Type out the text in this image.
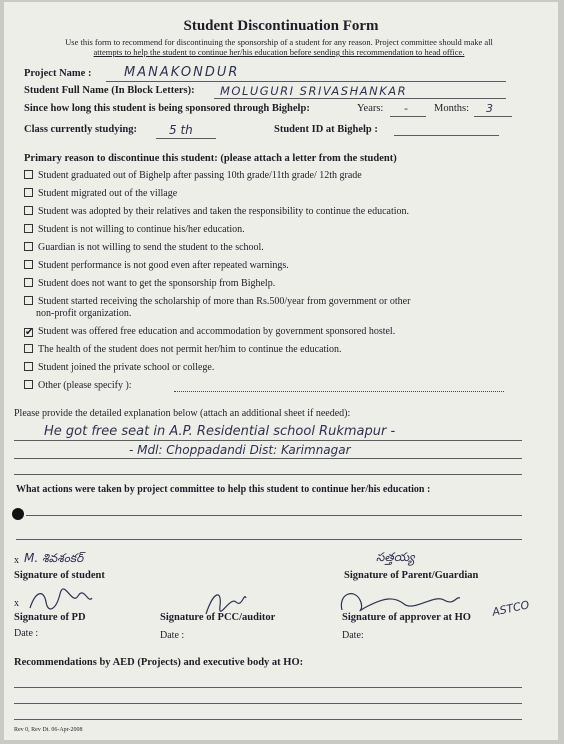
Student Discontinuation Form
Use this form to recommend for discontinuing the sponsorship of a student for any reason. Project committee should make all
attempts to help the student to continue her/his education before sending this recommendation to head office.
Project Name :	MANAKONDUR
Student Full Name (In Block Letters): MOLUGURI SRIVASHANKAR
Since how long this student is being sponsored through Bighelp:	Years: - Months: 3
Class currently studying:	5 th	Student ID at Bighelp :
Primary reason to discontinue this student: (please attach a letter from the student)
Student graduated out of Bighelp after passing 10th grade/11th grade/ 12th grade
Student migrated out of the village
Student was adopted by their relatives and taken the responsibility to continue the education.
Student is not willing to continue his/her education.
Guardian is not willing to send the student to the school.
Student performance is not good even after repeated warnings.
Student does not want to get the sponsorship from Bighelp.
Student started receiving the scholarship of more than Rs.500/year from government or other
non-profit organization.
✔ Student was offered free education and accommodation by government sponsored hostel.
The health of the student does not permit her/him to continue the education.
Student joined the private school or college.
Other (please specify ):
Please provide the detailed explanation below (attach an additional sheet if needed):
He got free seat in A.P. Residential school Rukmapur -
- Mdl: Choppadandi Dist: Karimnagar
What actions were taken by project committee to help this student to continue her/his education :
x M. శివశంకర్
Signature of student
సత్తయ్య
Signature of Parent/Guardian
x
Signature of PD
Date :
Signature of PCC/auditor
Date :
Signature of approver at HO ASTCO
Date:
Recommendations by AED (Projects) and executive body at HO:
Rev 0, Rev Dt. 06-Apr-2008
